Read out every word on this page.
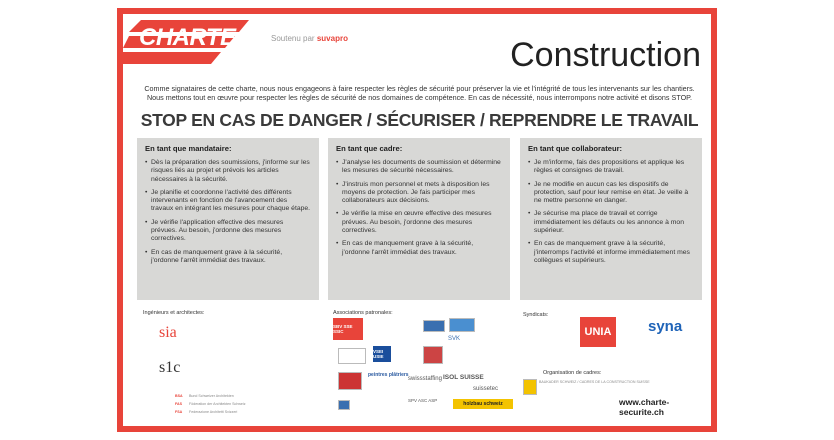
CHARTE	Soutenu par suvapro	Construction
Comme signataires de cette charte, nous nous engageons à faire respecter les règles de sécurité pour préserver la vie et l'intégrité de tous les intervenants sur les chantiers. Nous mettons tout en œuvre pour respecter les règles de sécurité de nos domaines de compétence. En cas de nécessité, nous interrompons notre activité et disons STOP.
STOP EN CAS DE DANGER / SÉCURISER / REPRENDRE LE TRAVAIL
En tant que mandataire:
• Dès la préparation des soumissions, j'informe sur les risques liés au projet et prévois les articles nécessaires à la sécurité.
• Je planifie et coordonne l'activité des différents intervenants en fonction de l'avancement des travaux en intégrant les mesures pour chaque étape.
• Je vérifie l'application effective des mesures prévues. Au besoin, j'ordonne des mesures correctives.
• En cas de manquement grave à la sécurité, j'ordonne l'arrêt immédiat des travaux.
En tant que cadre:
• J'analyse les documents de soumission et détermine les mesures de sécurité nécessaires.
• J'instruis mon personnel et mets à disposition les moyens de protection. Je fais participer mes collaborateurs aux décisions.
• Je vérifie la mise en œuvre effective des mesures prévues. Au besoin, j'ordonne des mesures correctives.
• En cas de manquement grave à la sécurité, j'ordonne l'arrêt immédiat des travaux.
En tant que collaborateur:
• Je m'informe, fais des propositions et applique les règles et consignes de travail.
• Je ne modifie en aucun cas les dispositifs de protection, sauf pour leur remise en état. Je veille à ne mettre personne en danger.
• Je sécurise ma place de travail et corrige immédiatement les défauts ou les annonce à mon supérieur.
• En cas de manquement grave à la sécurité, j'interromps l'activité et informe immédiatement mes collègues et supérieurs.
Ingénieurs et architectes:
sia
s1c
BSA Bund Schweizer Architekten
FAS Föderation der Architekten Schweiz
FSA Federazione Architetti Svizzeri
Associations patronales:
SBV SSE SSIC
SVK
VSEI USIE
peintres plâtriers
swissstaffing ISOL SUISSE
suissetec
SPV ASC ASP
holzbau schweiz
Syndicats:
UNIA	syna
Organisation de cadres:
BAUKADER SCHWEIZ / CADRES DE LA CONSTRUCTION SUISSE
www.charte-securite.ch
